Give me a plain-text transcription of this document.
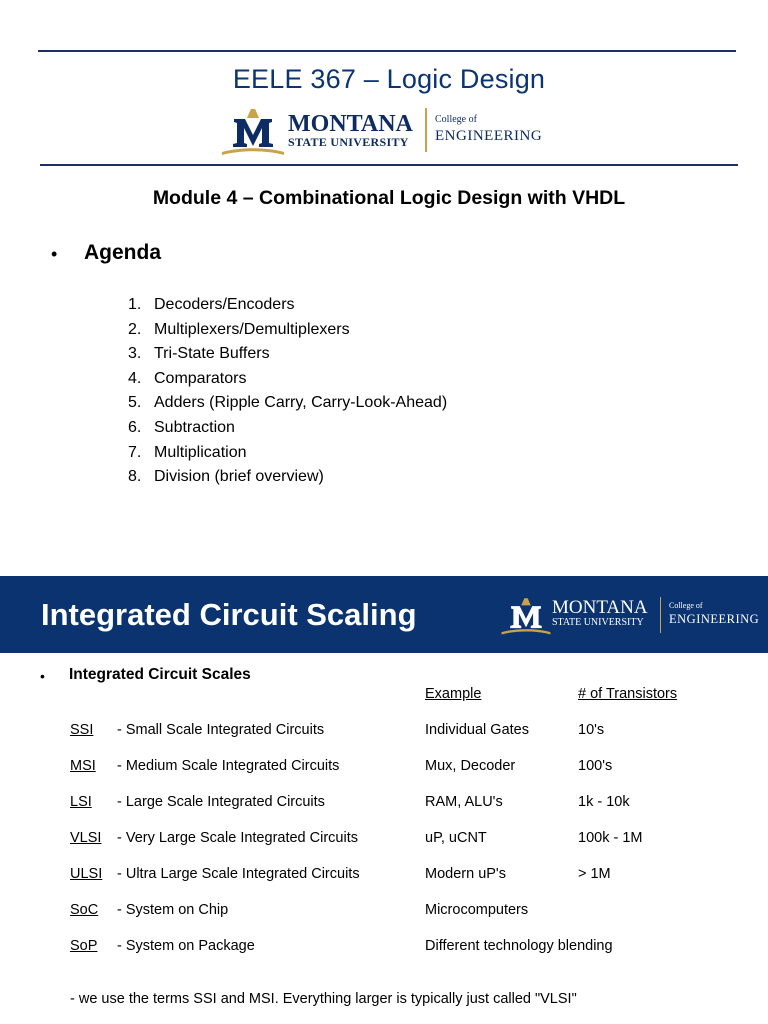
EELE 367 – Logic Design
MONTANA
STATE UNIVERSITY
College of
ENGINEERING
Module 4 – Combinational Logic Design with VHDL
• Agenda
1. Decoders/Encoders
2. Multiplexers/Demultiplexers
3. Tri-State Buffers
4. Comparators
5. Adders (Ripple Carry, Carry-Look-Ahead)
6. Subtraction
7. Multiplication
8. Division (brief overview)
Integrated Circuit Scaling	MONTANA
STATE UNIVERSITY
College of
ENGINEERING
• Integrated Circuit Scales
Example	# of Transistors
SSI - Small Scale Integrated Circuits	Individual Gates	10's
MSI - Medium Scale Integrated Circuits	Mux, Decoder	100's
LSI - Large Scale Integrated Circuits	RAM, ALU's	1k - 10k
VLSI - Very Large Scale Integrated Circuits	uP, uCNT	100k - 1M
ULSI - Ultra Large Scale Integrated Circuits	Modern uP's	> 1M
SoC - System on Chip	Microcomputers
SoP - System on Package	Different technology blending
- we use the terms SSI and MSI. Everything larger is typically just called "VLSI"
